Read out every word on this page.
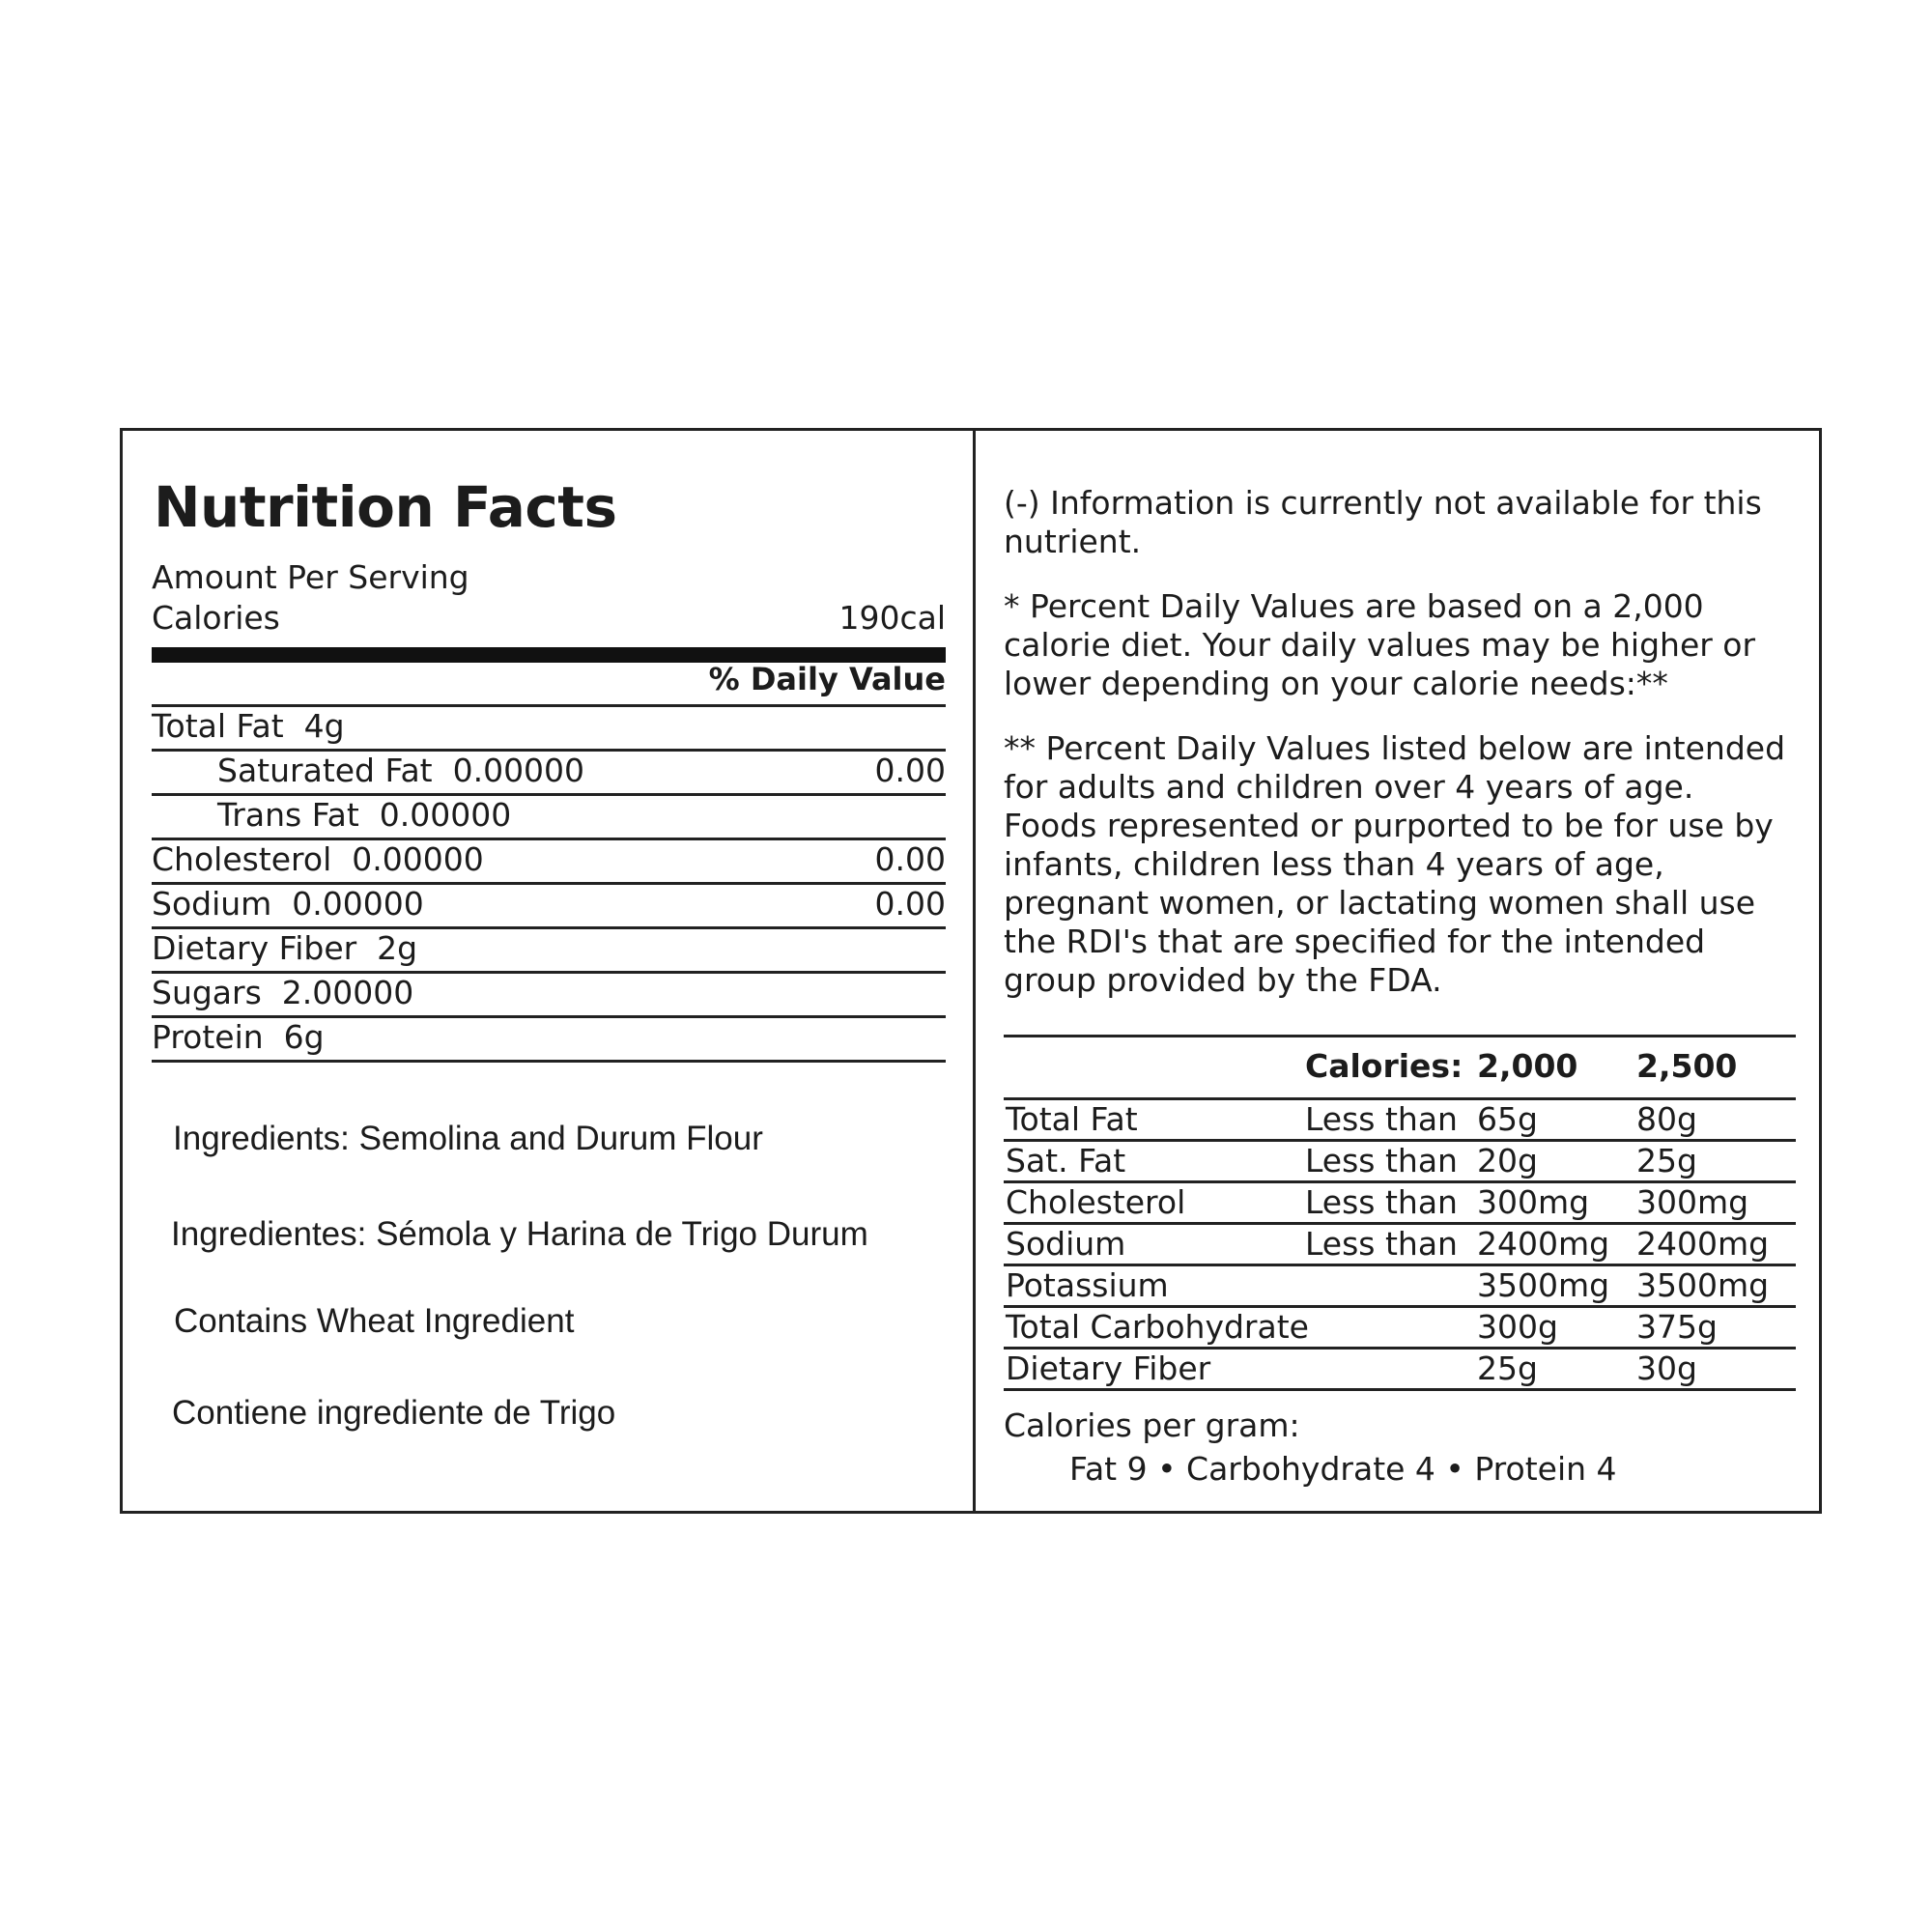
Nutrition Facts
Amount Per Serving
Calories	190cal
% Daily Value
Total Fat  4g
Saturated Fat  0.00000	0.00
Trans Fat  0.00000
Cholesterol  0.00000	0.00
Sodium  0.00000	0.00
Dietary Fiber  2g
Sugars  2.00000
Protein  6g
Ingredients: Semolina and Durum Flour
Ingredientes: Sémola y Harina de Trigo Durum
Contains Wheat Ingredient
Contiene ingrediente de Trigo
(-) Information is currently not available for this nutrient.
* Percent Daily Values are based on a 2,000 calorie diet. Your daily values may be higher or lower depending on your calorie needs:**
** Percent Daily Values listed below are intended for adults and children over 4 years of age. Foods represented or purported to be for use by infants, children less than 4 years of age, pregnant women, or lactating women shall use the RDI's that are specified for the intended group provided by the FDA.
Calories: 2,000 2,500
Total Fat	Less than 65g	80g
Sat. Fat	Less than 20g	25g
Cholesterol	Less than 300mg 300mg
Sodium	Less than 2400mg 2400mg
Potassium	3500mg 3500mg
Total Carbohydrate	300g 375g
Dietary Fiber	25g	30g
Calories per gram:
Fat 9 • Carbohydrate 4 • Protein 4
